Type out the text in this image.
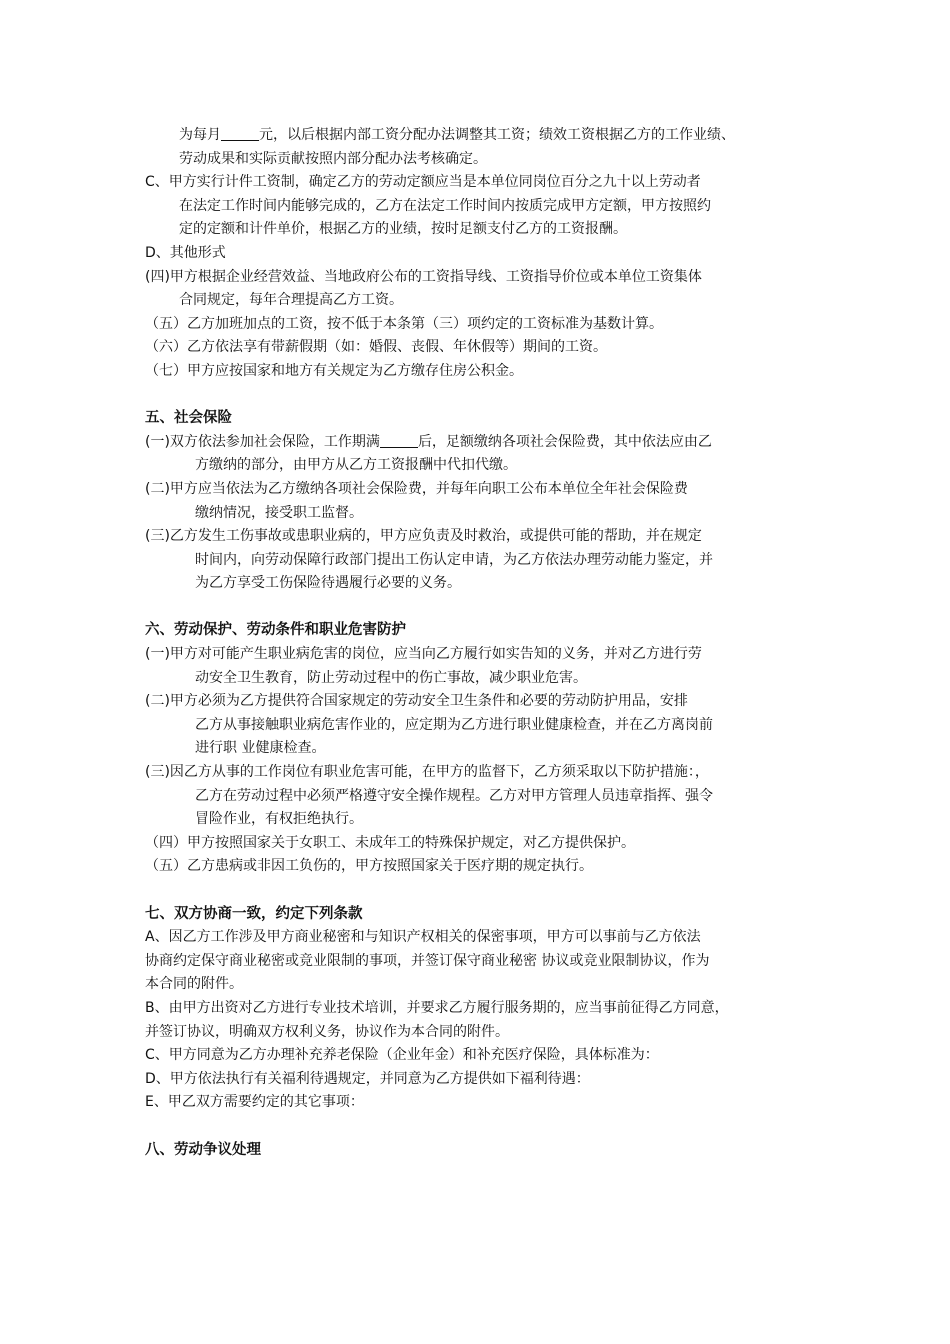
为每月	元，以后根据内部工资分配办法调整其工资；绩效工资根据乙方的工作业绩、
劳动成果和实际贡献按照内部分配办法考核确定。
C、甲方实行计件工资制，确定乙方的劳动定额应当是本单位同岗位百分之九十以上劳动者
在法定工作时间内能够完成的，乙方在法定工作时间内按质完成甲方定额，甲方按照约
定的定额和计件单价，根据乙方的业绩，按时足额支付乙方的工资报酬。
D、其他形式
(四)甲方根据企业经营效益、当地政府公布的工资指导线、工资指导价位或本单位工资集体
合同规定，每年合理提高乙方工资。
（五）乙方加班加点的工资，按不低于本条第（三）项约定的工资标准为基数计算。
（六）乙方依法享有带薪假期（如：婚假、丧假、年休假等）期间的工资。
（七）甲方应按国家和地方有关规定为乙方缴存住房公积金。
五、社会保险
(一)双方依法参加社会保险，工作期满	后，足额缴纳各项社会保险费，其中依法应由乙
方缴纳的部分，由甲方从乙方工资报酬中代扣代缴。
(二)甲方应当依法为乙方缴纳各项社会保险费，并每年向职工公布本单位全年社会保险费
缴纳情况，接受职工监督。
(三)乙方发生工伤事故或患职业病的，甲方应负责及时救治，或提供可能的帮助，并在规定
时间内，向劳动保障行政部门提出工伤认定申请，为乙方依法办理劳动能力鉴定，并
为乙方享受工伤保险待遇履行必要的义务。
六、劳动保护、劳动条件和职业危害防护
(一)甲方对可能产生职业病危害的岗位，应当向乙方履行如实告知的义务，并对乙方进行劳
动安全卫生教育，防止劳动过程中的伤亡事故，减少职业危害。
(二)甲方必须为乙方提供符合国家规定的劳动安全卫生条件和必要的劳动防护用品，安排
乙方从事接触职业病危害作业的，应定期为乙方进行职业健康检查，并在乙方离岗前
进行职 业健康检查。
(三)因乙方从事的工作岗位有职业危害可能，在甲方的监督下，乙方须采取以下防护措施：，
乙方在劳动过程中必须严格遵守安全操作规程。乙方对甲方管理人员违章指挥、强令
冒险作业，有权拒绝执行。
（四）甲方按照国家关于女职工、未成年工的特殊保护规定，对乙方提供保护。
（五）乙方患病或非因工负伤的，甲方按照国家关于医疗期的规定执行。
七、双方协商一致，约定下列条款
A、因乙方工作涉及甲方商业秘密和与知识产权相关的保密事项，甲方可以事前与乙方依法
协商约定保守商业秘密或竞业限制的事项，并签订保守商业秘密 协议或竞业限制协议，作为
本合同的附件。
B、由甲方出资对乙方进行专业技术培训，并要求乙方履行服务期的，应当事前征得乙方同意，
并签订协议，明确双方权利义务，协议作为本合同的附件。
C、甲方同意为乙方办理补充养老保险（企业年金）和补充医疗保险，具体标准为：
D、甲方依法执行有关福利待遇规定，并同意为乙方提供如下福利待遇：
E、甲乙双方需要约定的其它事项：
八、劳动争议处理
